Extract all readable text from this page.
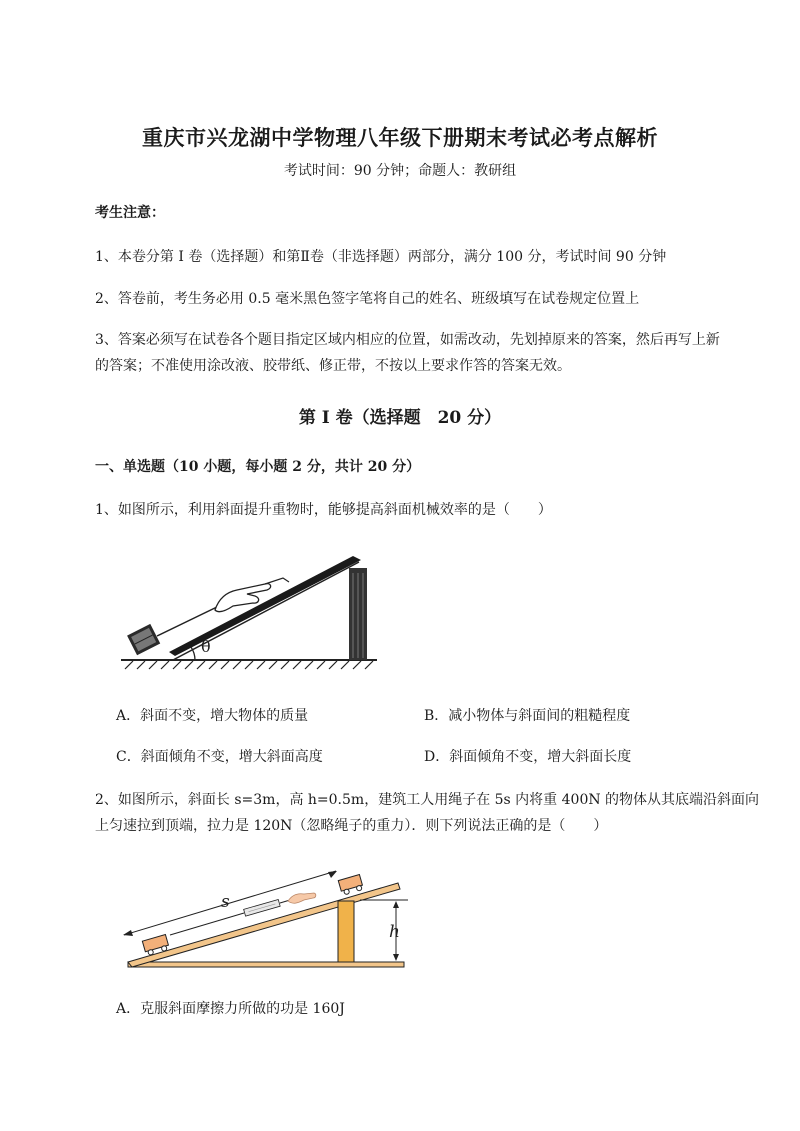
重庆市兴龙湖中学物理八年级下册期末考试必考点解析
考试时间：90 分钟；命题人：教研组
考生注意：
1、本卷分第 I 卷（选择题）和第Ⅱ卷（非选择题）两部分，满分 100 分，考试时间 90 分钟
2、答卷前，考生务必用 0.5 毫米黑色签字笔将自己的姓名、班级填写在试卷规定位置上
3、答案必须写在试卷各个题目指定区域内相应的位置，如需改动，先划掉原来的答案，然后再写上新
的答案；不准使用涂改液、胶带纸、修正带，不按以上要求作答的答案无效。
第 I 卷（选择题　20 分）
一、单选题（10 小题，每小题 2 分，共计 20 分）
1、如图所示，利用斜面提升重物时，能够提高斜面机械效率的是（　　）
θ
A．斜面不变，增大物体的质量	B．减小物体与斜面间的粗糙程度
C．斜面倾角不变，增大斜面高度	D．斜面倾角不变，增大斜面长度
2、如图所示，斜面长 s=3m，高 h=0.5m，建筑工人用绳子在 5s 内将重 400N 的物体从其底端沿斜面向
上匀速拉到顶端，拉力是 120N（忽略绳子的重力）．则下列说法正确的是（　　）
h
s
A．克服斜面摩擦力所做的功是 160J
